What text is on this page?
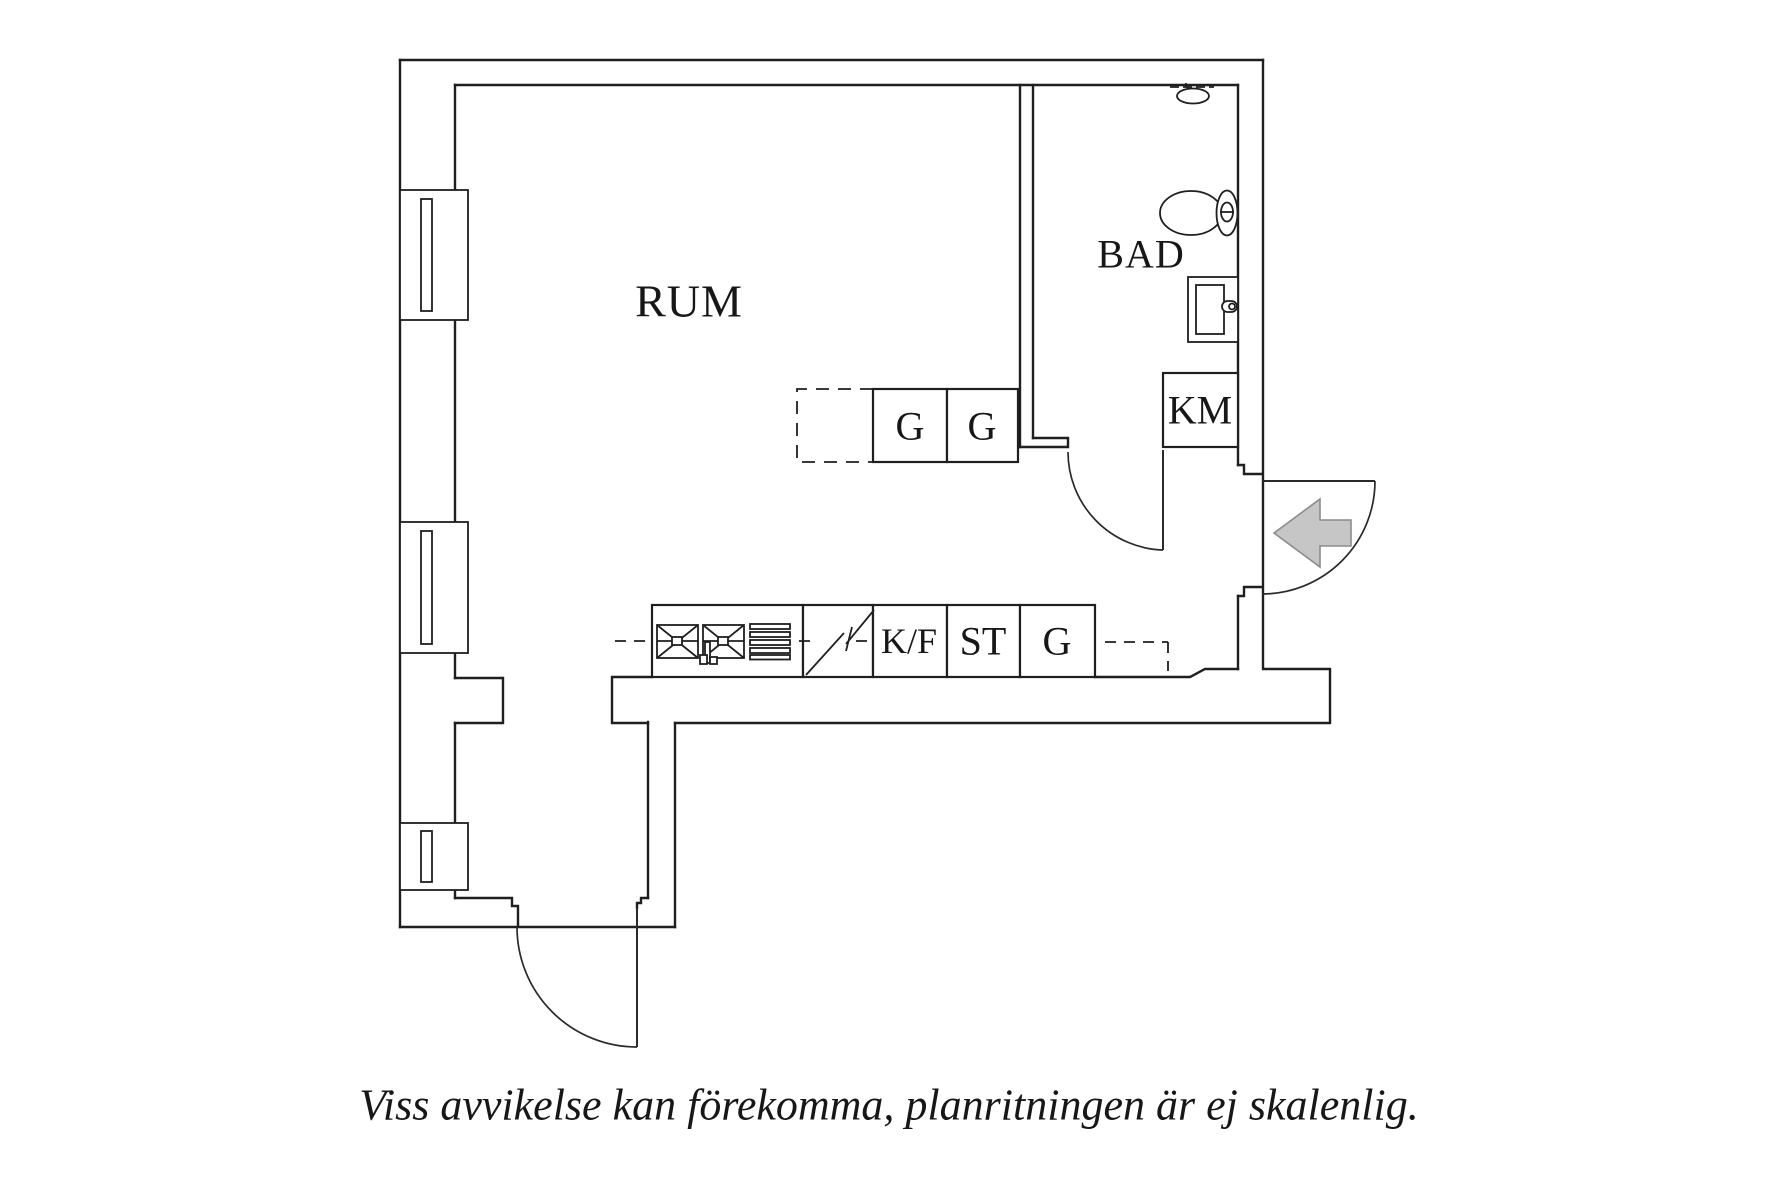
KM
G G
K/F ST G
RUM
BAD
Viss avvikelse kan förekomma, planritningen är ej skalenlig.
